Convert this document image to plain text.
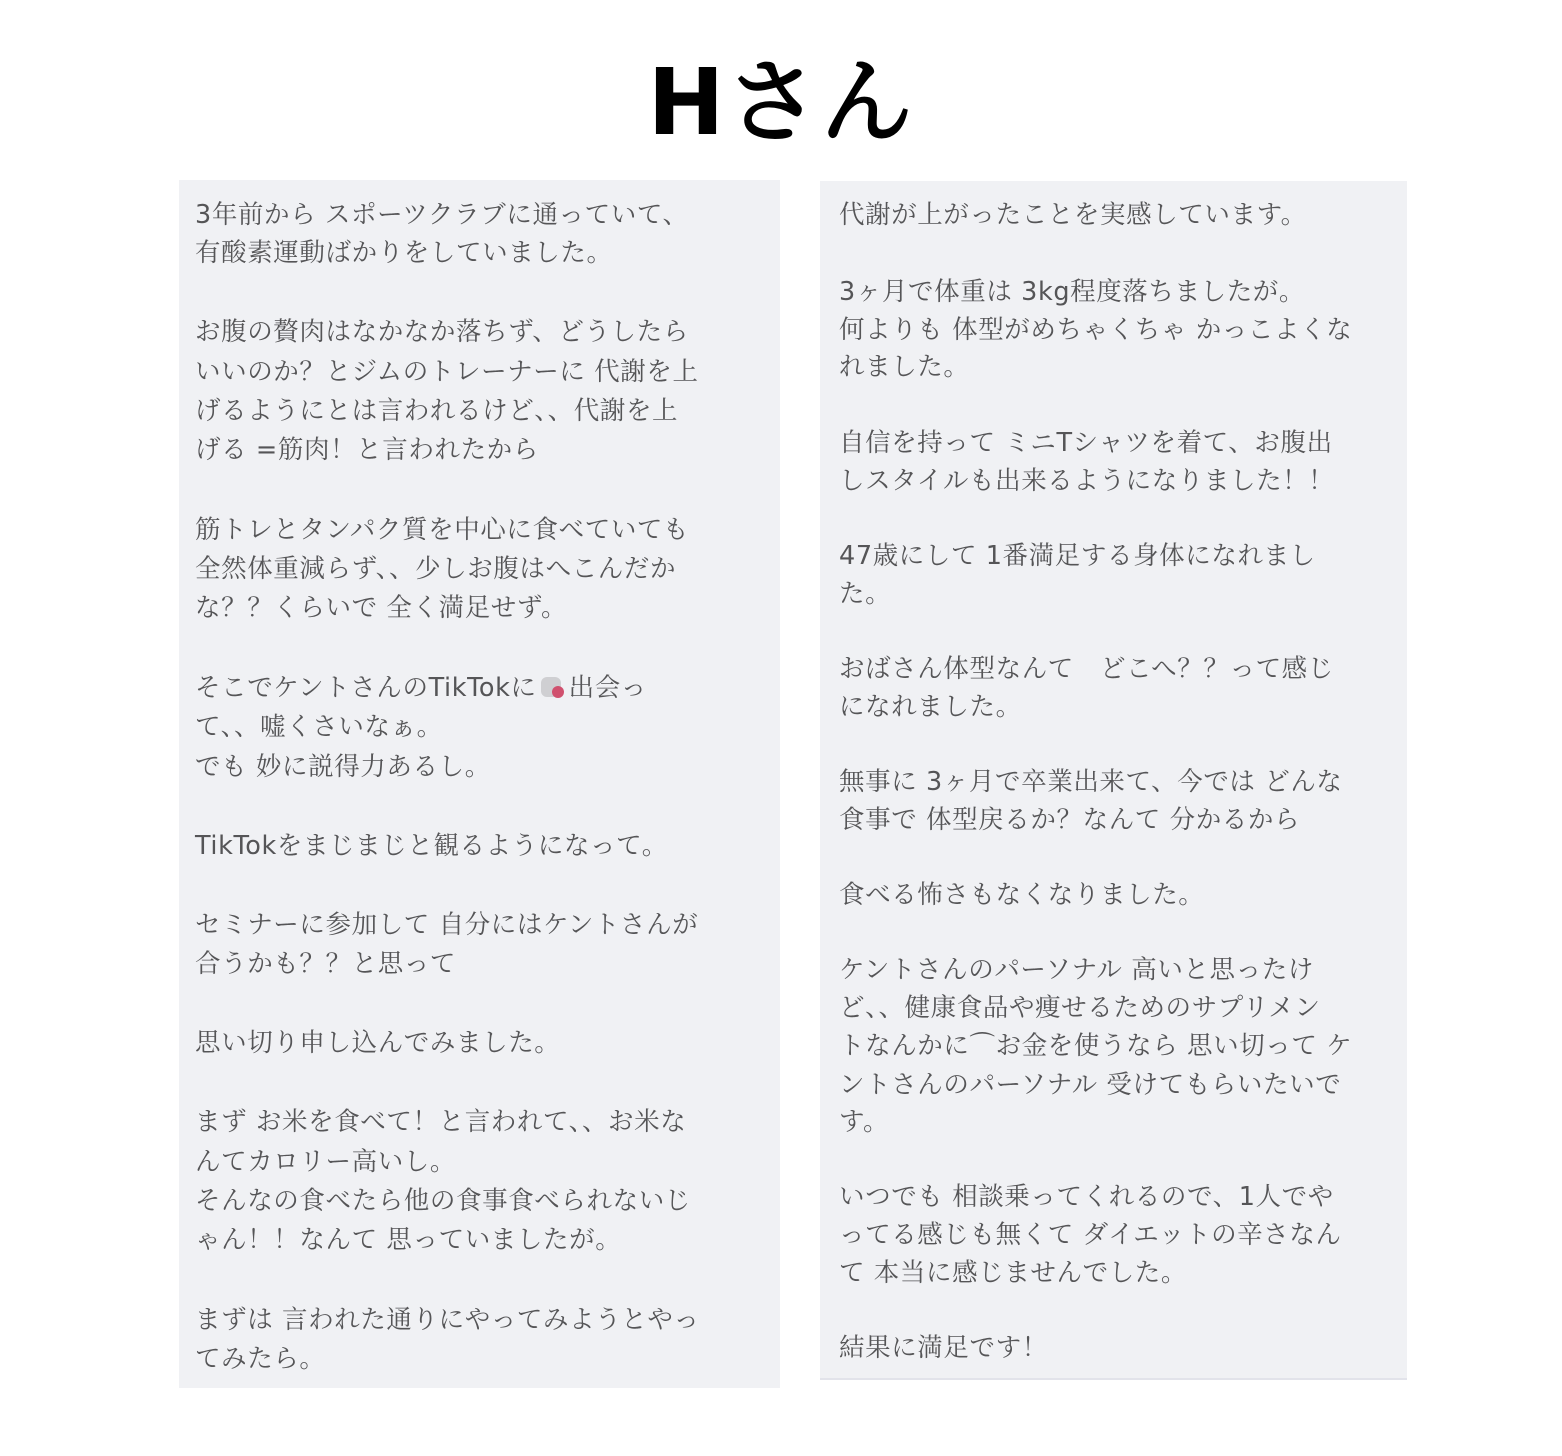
Hさん
3年前から スポーツクラブに通っていて、
有酸素運動ばかりをしていました。
お腹の贅肉はなかなか落ちず、どうしたら
いいのか？とジムのトレーナーに 代謝を上
げるようにとは言われるけど、、代謝を上
げる =筋肉！と言われたから
筋トレとタンパク質を中心に食べていても
全然体重減らず、、少しお腹はへこんだか
な？？くらいで 全く満足せず。
そこでケントさんのTikTokに 出会っ
て、、嘘くさいなぁ。
でも 妙に説得力あるし。
TikTokをまじまじと観るようになって。
セミナーに参加して 自分にはケントさんが
合うかも？？と思って
思い切り申し込んでみました。
まず お米を食べて！と言われて、、お米な
んてカロリー高いし。
そんなの食べたら他の食事食べられないじ
ゃん！！なんて 思っていましたが。
まずは 言われた通りにやってみようとやっ
てみたら。
代謝が上がったことを実感しています。
3ヶ月で体重は 3kg程度落ちましたが。
何よりも 体型がめちゃくちゃ かっこよくな
れました。
自信を持って ミニTシャツを着て、お腹出
しスタイルも出来るようになりました！！
47歳にして 1番満足する身体になれまし
た。
おばさん体型なんて　どこへ？？って感じ
になれました。
無事に 3ヶ月で卒業出来て、今では どんな
食事で 体型戻るか？なんて 分かるから
食べる怖さもなくなりました。
ケントさんのパーソナル 高いと思ったけ
ど、、健康食品や痩せるためのサプリメン
トなんかに⌒お金を使うなら 思い切って ケ
ントさんのパーソナル 受けてもらいたいで
す。
いつでも 相談乗ってくれるので、1人でや
ってる感じも無くて ダイエットの辛さなん
て 本当に感じませんでした。
結果に満足です！
